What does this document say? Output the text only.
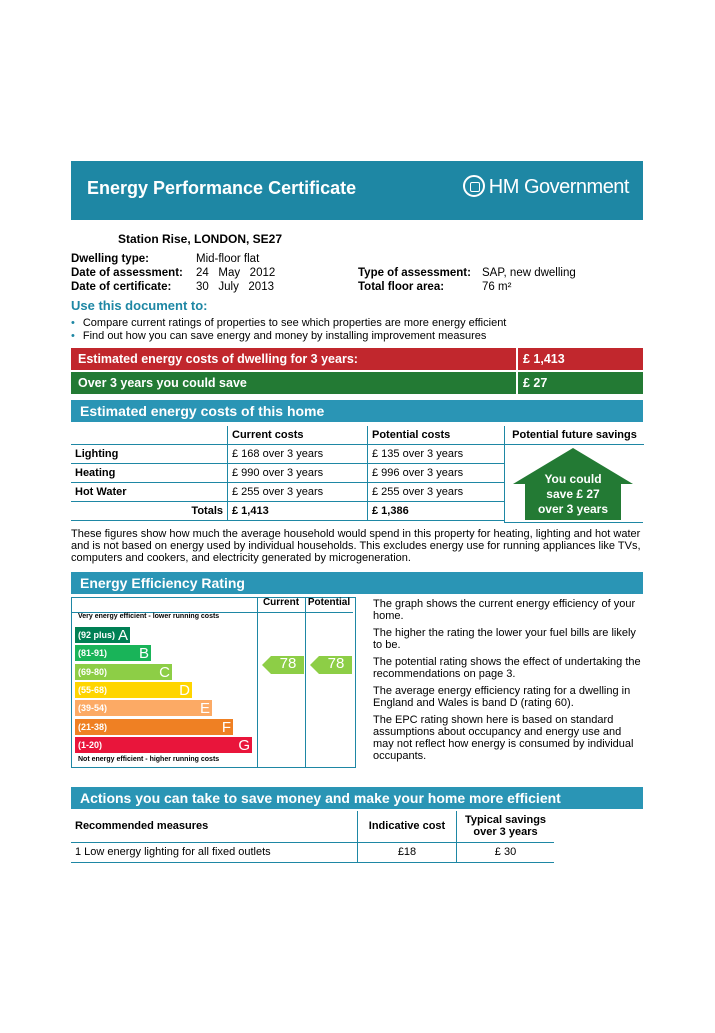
Energy Performance Certificate	HM Government
Station Rise, LONDON, SE27
Dwelling type:	Mid-floor flat
Date of assessment: 24   May   2012
Date of certificate: 30   July   2013
Type of assessment: SAP, new dwelling
Total floor area:	76 m²
Use this document to:
• Compare current ratings of properties to see which properties are more energy efficient
• Find out how you can save energy and money by installing improvement measures
Estimated energy costs of dwelling for 3 years:	£ 1,413
Over 3 years you could save	£ 27
Estimated energy costs of this home
	Current costs	Potential costs
Lighting	£ 168 over 3 years	£ 135 over 3 years
Heating	£ 990 over 3 years	£ 996 over 3 years
Hot Water	£ 255 over 3 years	£ 255 over 3 years
Totals	£ 1,413	£ 1,386
Potential future savings
You could
save £ 27
over 3 years
These figures show how much the average household would spend in this property for heating, lighting and hot water and is not based on energy used by individual households. This excludes energy use for running appliances like TVs, computers and cookers, and electricity generated by microgeneration.
Energy Efficiency Rating
Current Potential
Very energy efficient - lower running costs
Not energy efficient - higher running costs
(92 plus) A
(81-91) B
(69-80)	C
(55-68)	D
(39-54)	E
(21-38)	F
(1-20)	G
78	78
The graph shows the current energy efficiency of your home.
The higher the rating the lower your fuel bills are likely to be.
The potential rating shows the effect of undertaking the recommendations on page 3.
The average energy efficiency rating for a dwelling in England and Wales is band D (rating 60).
The EPC rating shown here is based on standard assumptions about occupancy and energy use and may not reflect how energy is consumed by individual occupants.
Actions you can take to save money and make your home more efficient
Recommended measures	Indicative cost	Typical savings over 3 years
1 Low energy lighting for all fixed outlets	£18	£ 30
